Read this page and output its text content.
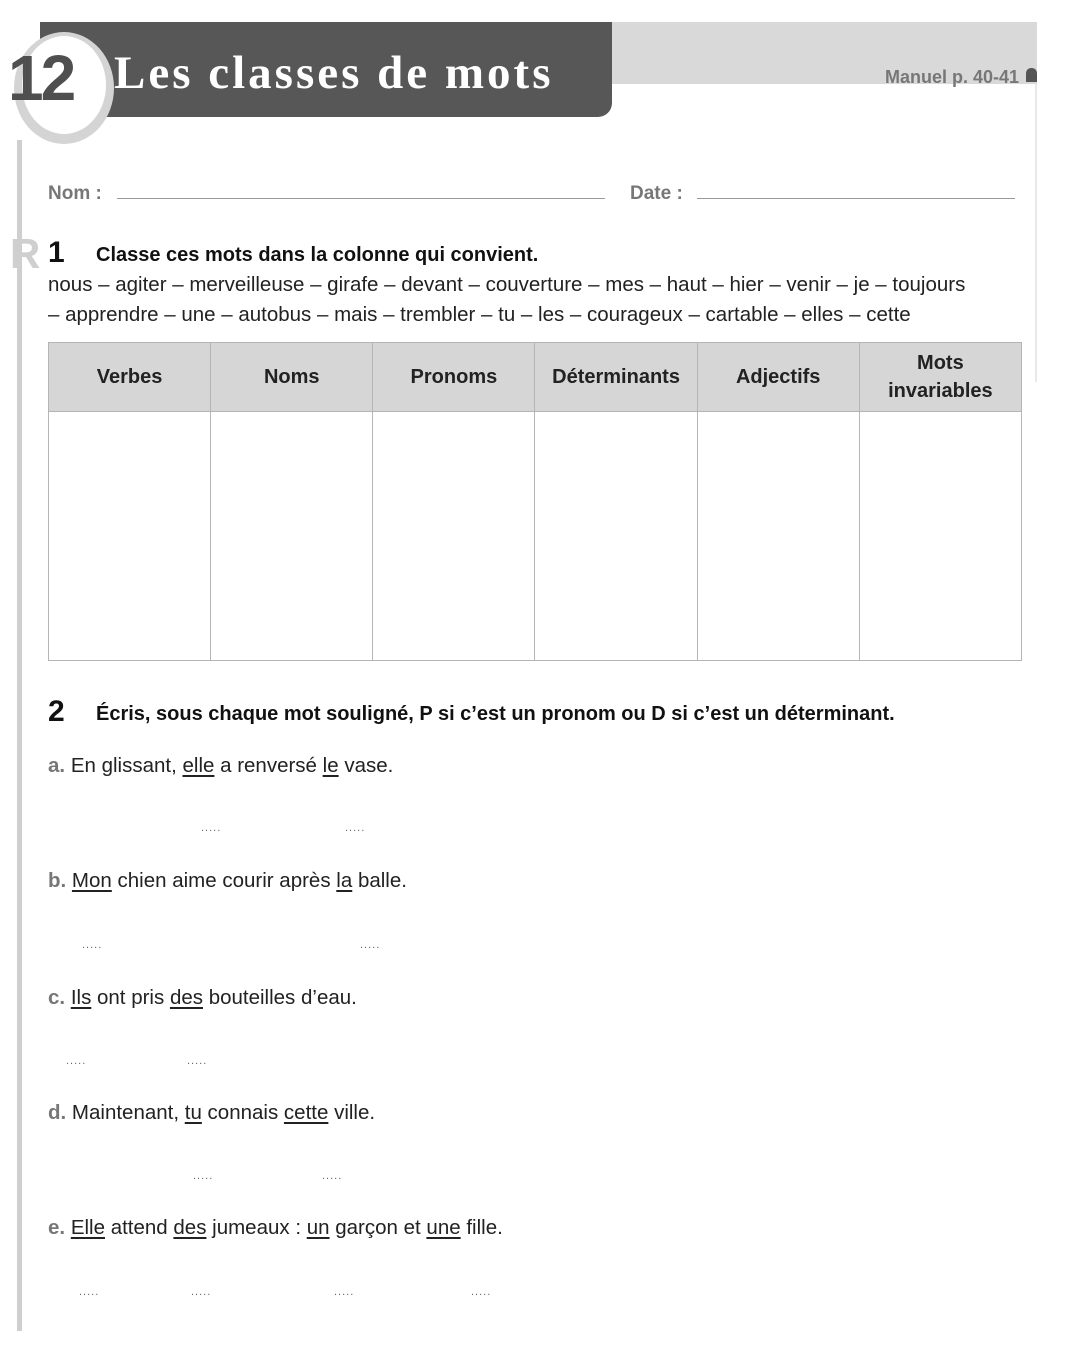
12 Les classes de mots	Manuel p. 40-41
R
Nom :	Date :
1 Classe ces mots dans la colonne qui convient.
nous – agiter – merveilleuse – girafe – devant – couverture – mes – haut – hier – venir – je – toujours
– apprendre – une – autobus – mais – trembler – tu – les – courageux – cartable – elles – cette
Verbes	Noms	Pronoms	Déterminants	Adjectifs	Mots invariables

2 Écris, sous chaque mot souligné, P si c’est un pronom ou D si c’est un déterminant.
a. En glissant, elle a renversé le vase.
.....	.....
b. Mon chien aime courir après la balle.
.....	.....
c. Ils ont pris des bouteilles d’eau.
.....	.....
d. Maintenant, tu connais cette ville.
.....	.....
e. Elle attend des jumeaux : un garçon et une fille.
.....	.....	.....	.....
